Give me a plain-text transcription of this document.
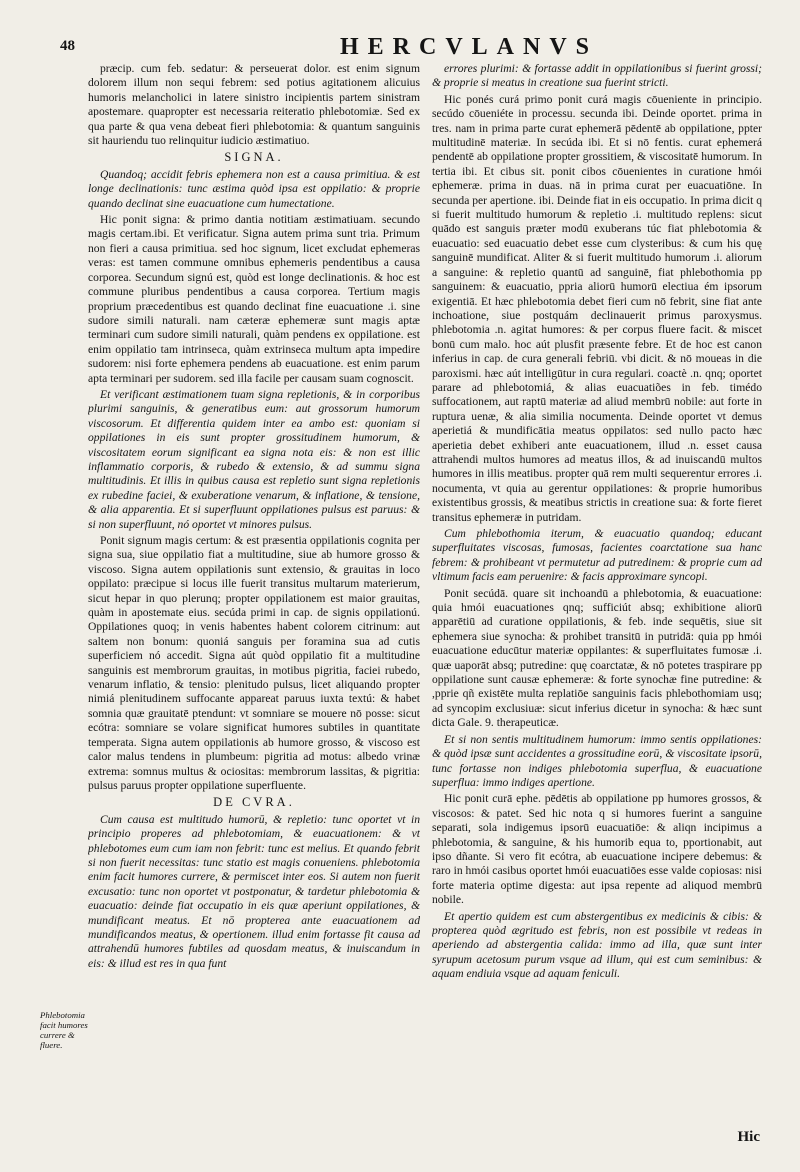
48	HERCVLANVS

præcip. cum feb. sedatur: & perseuerat dolor. est enim signum dolorem illum non sequi febrem: sed potius agitationem alicuius humoris melancholici in latere sinistro incipientis partem sinistram apostemare. quapropter est necessaria reiteratio phlebotomiæ. Sed ex qua parte & qua vena debeat fieri phlebotomia: & quantum sanguinis sit hauriendu tuo relinquitur iudicio æstimatiuo.

SIGNA.

Quandoq; accidit febris ephemera non est a causa primitiua. & est longe declinationis: tunc æstima quòd ipsa est oppilatio: & proprie quando declinat sine euacuatione cum humectatione.

Hic ponit signa: & primo dantia notitiam æstimatiuam. secundo magis certam.ibi. Et verificatur. Signa autem prima sunt tria. Primum non fieri a causa primitiua. sed hoc signum, licet excludat ephemeras veras: est tamen commune omnibus ephemeris pendentibus a causa corporea. Secundum signú est, quòd est longe declinationis. & hoc est commune pluribus pendentibus a causa corporea. Tertium magis proprium præcedentibus est quando declinat fine euacuatione .i. sine sudore simili naturali. nam cæteræ ephemeræ sunt magis aptæ terminari cum sudore simili naturali, quàm pendens ex oppilatione. est enim oppilatio tam intrinseca, quàm extrinseca multum apta impedire sudorem: nisi forte ephemera pendens ab euacuatione. est enim parum apta terminari per sudorem. sed illa facile per causam suam cognoscit.

Et verificant æstimationem tuam signa repletionis, & in corporibus plurimi sanguinis, & generatibus eum: aut grossorum humorum viscosorum. Et differentia quidem inter ea ambo est: quoniam si oppilationes in eis sunt propter grossitudinem humorum, & viscositatem eorum significant ea signa nota eis: & non est illic inflammatio corporis, & rubedo & extensio, & ad summu signa multitudinis. Et illis in quibus causa est repletio sunt signa repletionis ex rubedine faciei, & exuberatione venarum, & inflatione, & tensione, & alia apparentia. Et si superfluunt oppilationes pulsus est paruus: & si non superfluunt, nó oportet vt minores pulsus.

Ponit signum magis certum: & est præsentia oppilationis cognita per signa sua, siue oppilatio fiat a multitudine, siue ab humore grosso & viscoso. Signa autem oppilationis sunt extensio, & grauitas in loco oppilato: præcipue si locus ille fuerit transitus multarum materierum, sicut hepar in quo plerunq; propter oppilationem est maior grauitas, quàm in apostemate eius. secúda primi in cap. de signis oppilationú. Oppilationes quoq; in venis habentes habent colorem citrinum: aut saltem non bonum: quoniá sanguis per foramina sua ad cutis superficiem nó accedit. Signa aút quòd oppilatio fit a multitudine sanguinis est membrorum grauitas, in motibus pigritia, faciei rubedo, venarum inflatio, & tensio: plenitudo pulsus, licet aliquando propter nimiá plenitudinem suffocante appareat paruus iuxta textú: & habet somnia quæ grauitatē ptendunt: vt somniare se mouere nō posse: sicut ecótra: somniare se volare significat humores subtiles in quantitate temperata. Signa autem oppilationis ab humore grosso, & viscoso est calor malus tendens in plumbeum: pigritia ad motus: albedo vrinæ extrema: somnus multus & ociositas: membrorum lassitas, & pigritia: pulsus paruus propter oppilatione superfluente.

DE CVRA.

Cum causa est multitudo humorū, & repletio: tunc oportet vt in principio properes ad phlebotomiam, & euacuationem: & vt phlebotomes eum cum iam non febrit: tunc est melius. Et quando febrit si non fuerit necessitas: tunc statio est magis conueniens. phlebotomia enim facit humores currere, & permiscet inter eos. Si autem non fuerit excusatio: tunc non oportet vt postponatur, & tardetur phlebotomia & euacuatio: deinde fiat occupatio in eis quæ aperiunt oppilationes, & mundificant meatus. Et nō propterea ante euacuationem ad mundificandos meatus, & opertionem. illud enim fortasse fit causa ad attrahendū humores fubtiles ad quosdam meatus, & inuiscandum in eis: & illud est res in qua funt

errores plurimi: & fortasse addit in oppilationibus si fuerint grossi; & proprie si meatus in creatione sua fuerint stricti.

Hic ponés curá primo ponit curá magis cōueniente in principio. secúdo cōueniéte in processu. secunda ibi. Deinde oportet. prima in tres. nam in prima parte curat ephemerā pēdentē ab oppilatione, ppter multitudinē materiæ. In secúda ibi. Et si nō fentis. curat ephemerá pendentē ab oppilatione propter grossitiem, & viscositatē humorum. In tertia ibi. Et cibus sit. ponit cibos cōuenientes in curatione hmói ephemeræ. prima in duas. nā in prima curat per euacuatiōne. In secunda per apertione. ibi. Deinde fiat in eis occupatio. In prima dicit q si fuerit multitudo humorum & repletio .i. multitudo replens: sicut quādo est sanguis præter modū exuberans túc fiat phlebotomia & euacuatio: sed euacuatio debet esse cum clysteribus: & cum his quę sanguinē mundificat. Aliter & si fuerit multitudo humorum .i. aliorum a sanguine: & repletio quantū ad sanguinē, fiat phlebothomia pp sanguinem: & euacuatio, ppria aliorū humorū electiua ém ipsorum exigentiā. Et hæc phlebotomia debet fieri cum nō febrit, sine fiat ante inchoatione, siue postquám declinauerit primus paroxysmus. phlebotomia .n. agitat humores: & per corpus fluere facit. & miscet bonū cum malo. hoc aút plusfit præsente febre. Et de hoc est canon inferius in cap. de cura generali febriū. vbi dicit. & nō moueas in die paroxismi. hæc aút intelligūtur in cura regulari. coactè .n. qnq; oportet parare ad phlebotomiá, & alias euacuatiões in feb. timédo suffocationem, aut raptū materiæ ad aliud membrū nobile: aut forte in ruptura uenæ, & alia similia nocumenta. Deinde oportet vt demus aperietiá & mundificātia meatus oppilatos: sed nullo pacto hæc aperietia debet exhiberi ante euacuationem, illud .n. esset causa attrahendi multos humores ad meatus illos, & ad inuiscandū multos humores in illis meatibus. propter quā rem multi sequerentur errores .i. nocumenta, vt quia au gerentur oppilationes: & proprie humoribus existentibus grossis, & meatibus strictis in creatione sua: & forte fieret transitus ephemeræ in putridam.

Cum phlebothomia iterum, & euacuatio quandoq; educant superfluitates viscosas, fumosas, facientes coarctatione sua hanc febrem: & prohibeant vt permutetur ad putredinem: & proprie cum ad vltimum facis eam peruenire: & facis approximare syncopi.

Ponit secúdā. quare sit inchoandū a phlebotomia, & euacuatione: quia hmói euacuationes qnq; sufficiút absq; exhibitione aliorū apparētiū ad curatione oppilationis, & feb. inde sequētis, siue sit ephemera siue synocha: & prohibet transitū in putridā: quia pp hmói euacuatione educūtur materiæ oppilantes: & superfluitates fumosæ .i. quæ uaporāt absq; putredine: quę coarctatæ, & nō potetes traspirare pp oppilatione sunt causæ ephemeræ: & forte synochæ fine putredine: & ,pprie qñ existēte multa replatiōe sanguinis facis phlebothomiam usq; ad syncopim exclusiuæ: sicut inferius dicetur in synocha: & hæc sunt dicta Gale. 9. therapeuticæ.

Et si non sentis multitudinem humorum: immo sentis oppilationes: & quòd ipsæ sunt accidentes a grossitudine eorū, & viscositate ipsorū, tunc fortasse non indiges phlebotomia superflua, & euacuatione superflua: immo indiges apertione.

Hic ponit curā ephe. pēdētis ab oppilatione pp humores grossos, & viscosos: & patet. Sed hic nota q si humores fuerint a sanguine separati, sola indigemus ipsorū euacuatiōe: & aliqn incipimus a phlebotomia, & sanguine, & his humorib equa to, pportionabit, aut ipso dñante. Si vero fit ecótra, ab euacuatione incipere debemus: & raro in hmói casibus oportet hmói euacuatiōes esse valde copiosas: nisi forte materia optime digesta: aut ipsa repente ad aliquod membrū nobile.

Et apertio quidem est cum abstergentibus ex medicinis & cibis: & propterea quòd ægritudo est febris, non est possibile vt redeas in aperiendo ad abstergentia calida: immo ad illa, quæ sunt inter syrupum acetosum purum vsque ad illum, qui est cum seminibus: & aquam endiuia vsque ad aquam feniculi.

Phlebotomia facit humores currere & fluere.
Hic
